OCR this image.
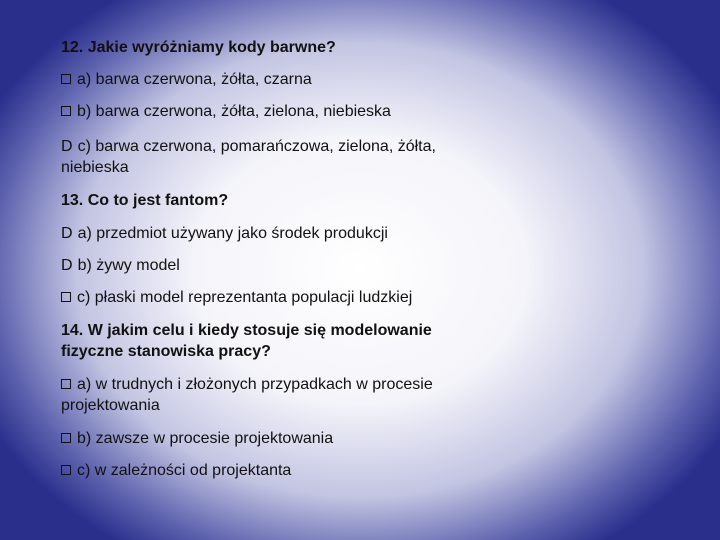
12. Jakie wyróżniamy kody barwne?
a) barwa czerwona, żółta, czarna
b) barwa czerwona, żółta, zielona, niebieska
D c) barwa czerwona, pomarańczowa, zielona, żółta, niebieska
13. Co to jest fantom?
D a) przedmiot używany jako środek produkcji
D b) żywy model
c) płaski model reprezentanta populacji ludzkiej
14. W jakim celu i kiedy stosuje się modelowanie fizyczne stanowiska pracy?
a) w trudnych i złożonych przypadkach w procesie projektowania
b) zawsze w procesie projektowania
c) w zależności od projektanta
